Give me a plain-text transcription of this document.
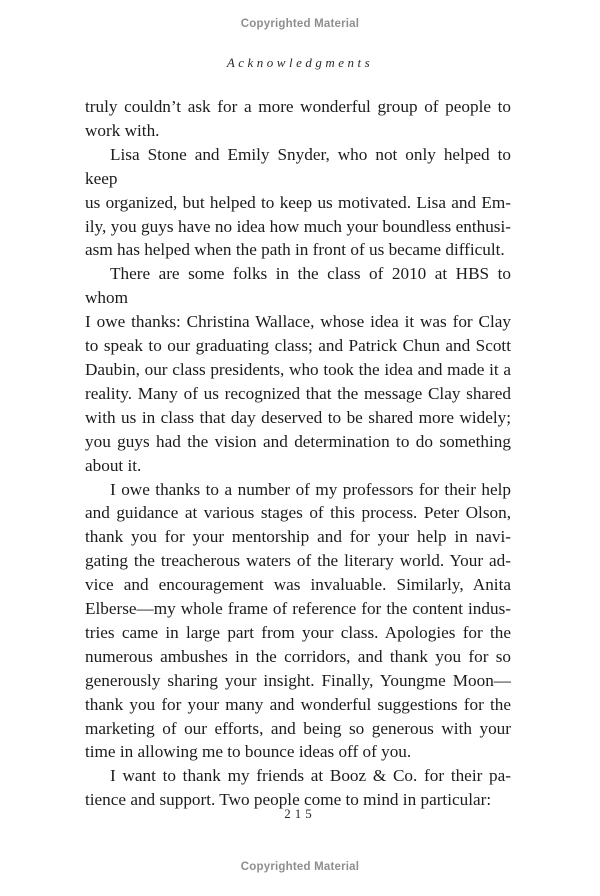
Copyrighted Material
Acknowledgments
truly couldn’t ask for a more wonderful group of people to
work with.
Lisa Stone and Emily Snyder, who not only helped to keep
us organized, but helped to keep us motivated. Lisa and Em-
ily, you guys have no idea how much your boundless enthusi-
asm has helped when the path in front of us became difficult.
There are some folks in the class of 2010 at HBS to whom
I owe thanks: Christina Wallace, whose idea it was for Clay
to speak to our graduating class; and Patrick Chun and Scott
Daubin, our class presidents, who took the idea and made it a
reality. Many of us recognized that the message Clay shared
with us in class that day deserved to be shared more widely;
you guys had the vision and determination to do something
about it.
I owe thanks to a number of my professors for their help
and guidance at various stages of this process. Peter Olson,
thank you for your mentorship and for your help in navi-
gating the treacherous waters of the literary world. Your ad-
vice and encouragement was invaluable. Similarly, Anita
Elberse—my whole frame of reference for the content indus-
tries came in large part from your class. Apologies for the
numerous ambushes in the corridors, and thank you for so
generously sharing your insight. Finally, Youngme Moon—
thank you for your many and wonderful suggestions for the
marketing of our efforts, and being so generous with your
time in allowing me to bounce ideas off of you.
I want to thank my friends at Booz & Co. for their pa-
tience and support. Two people come to mind in particular:
215
Copyrighted Material
